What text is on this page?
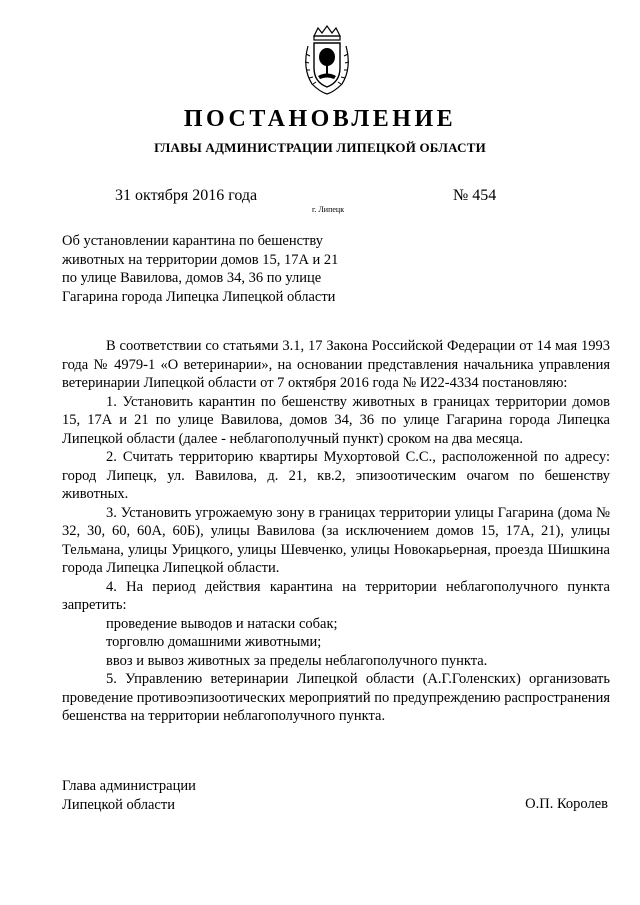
ПОСТАНОВЛЕНИЕ
ГЛАВЫ АДМИНИСТРАЦИИ ЛИПЕЦКОЙ ОБЛАСТИ
31 октября 2016 года
г. Липецк
№ 454
Об установлении карантина по бешенству
животных на территории домов 15, 17А и 21
по улице Вавилова, домов 34, 36 по улице
Гагарина города Липецка Липецкой области

В соответствии со статьями 3.1, 17 Закона Российской Федерации от 14 мая 1993 года № 4979-1 «О ветеринарии», на основании представления начальника управления ветеринарии Липецкой области от 7 октября 2016 года № И22-4334 постановляю:

1. Установить карантин по бешенству животных в границах территории домов 15, 17А и 21 по улице Вавилова, домов 34, 36 по улице Гагарина города Липецка Липецкой области (далее - неблагополучный пункт) сроком на два месяца.

2. Считать территорию квартиры Мухортовой С.С., расположенной по адресу: город Липецк, ул. Вавилова, д. 21, кв.2, эпизоотическим очагом по бешенству животных.

3. Установить угрожаемую зону в границах территории улицы Гагарина (дома № 32, 30, 60, 60А, 60Б), улицы Вавилова (за исключением домов 15, 17А, 21), улицы Тельмана, улицы Урицкого, улицы Шевченко, улицы Новокарьерная, проезда Шишкина города Липецка Липецкой области.

4. На период действия карантина на территории неблагополучного пункта запретить:

проведение выводов и натаски собак;

торговлю домашними животными;

ввоз и вывоз животных за пределы неблагополучного пункта.

5. Управлению ветеринарии Липецкой области (А.Г.Голенских) организовать проведение противоэпизоотических мероприятий по предупреждению распространения бешенства на территории неблагополучного пункта.

Глава администрации
Липецкой области	О.П. Королев
